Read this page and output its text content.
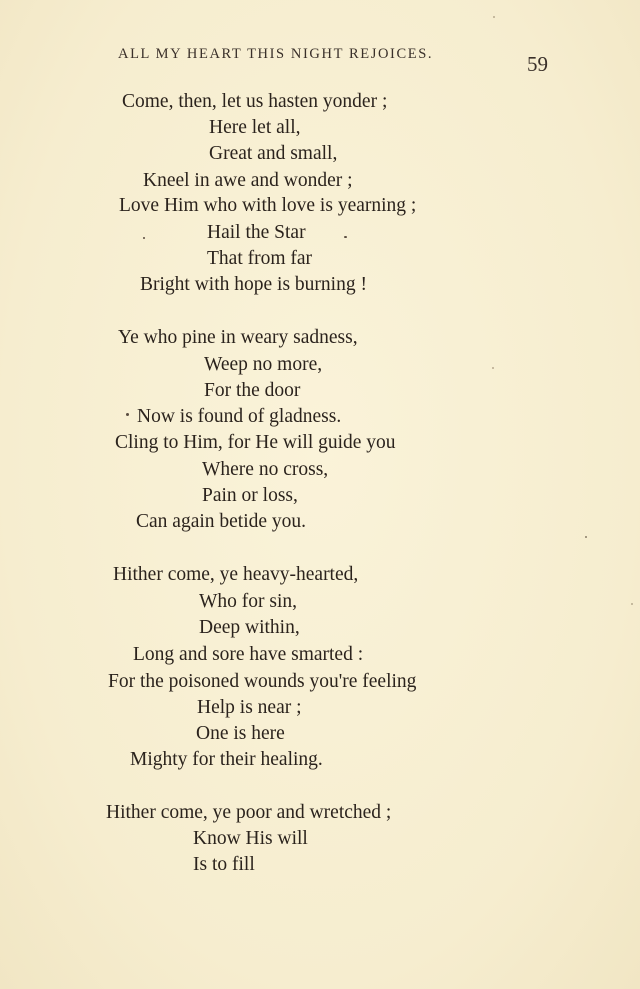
ALL MY HEART THIS NIGHT REJOICES.	59
Come, then, let us hasten yonder ;
Here let all,
Great and small,
Kneel in awe and wonder ;
Love Him who with love is yearning ;
Hail the Star
That from far
Bright with hope is burning !
Ye who pine in weary sadness,
Weep no more,
For the door
Now is found of gladness.
Cling to Him, for He will guide you
Where no cross,
Pain or loss,
Can again betide you.
Hither come, ye heavy-hearted,
Who for sin,
Deep within,
Long and sore have smarted :
For the poisoned wounds you're feeling
Help is near ;
One is here
Mighty for their healing.
Hither come, ye poor and wretched ;
Know His will
Is to fill
